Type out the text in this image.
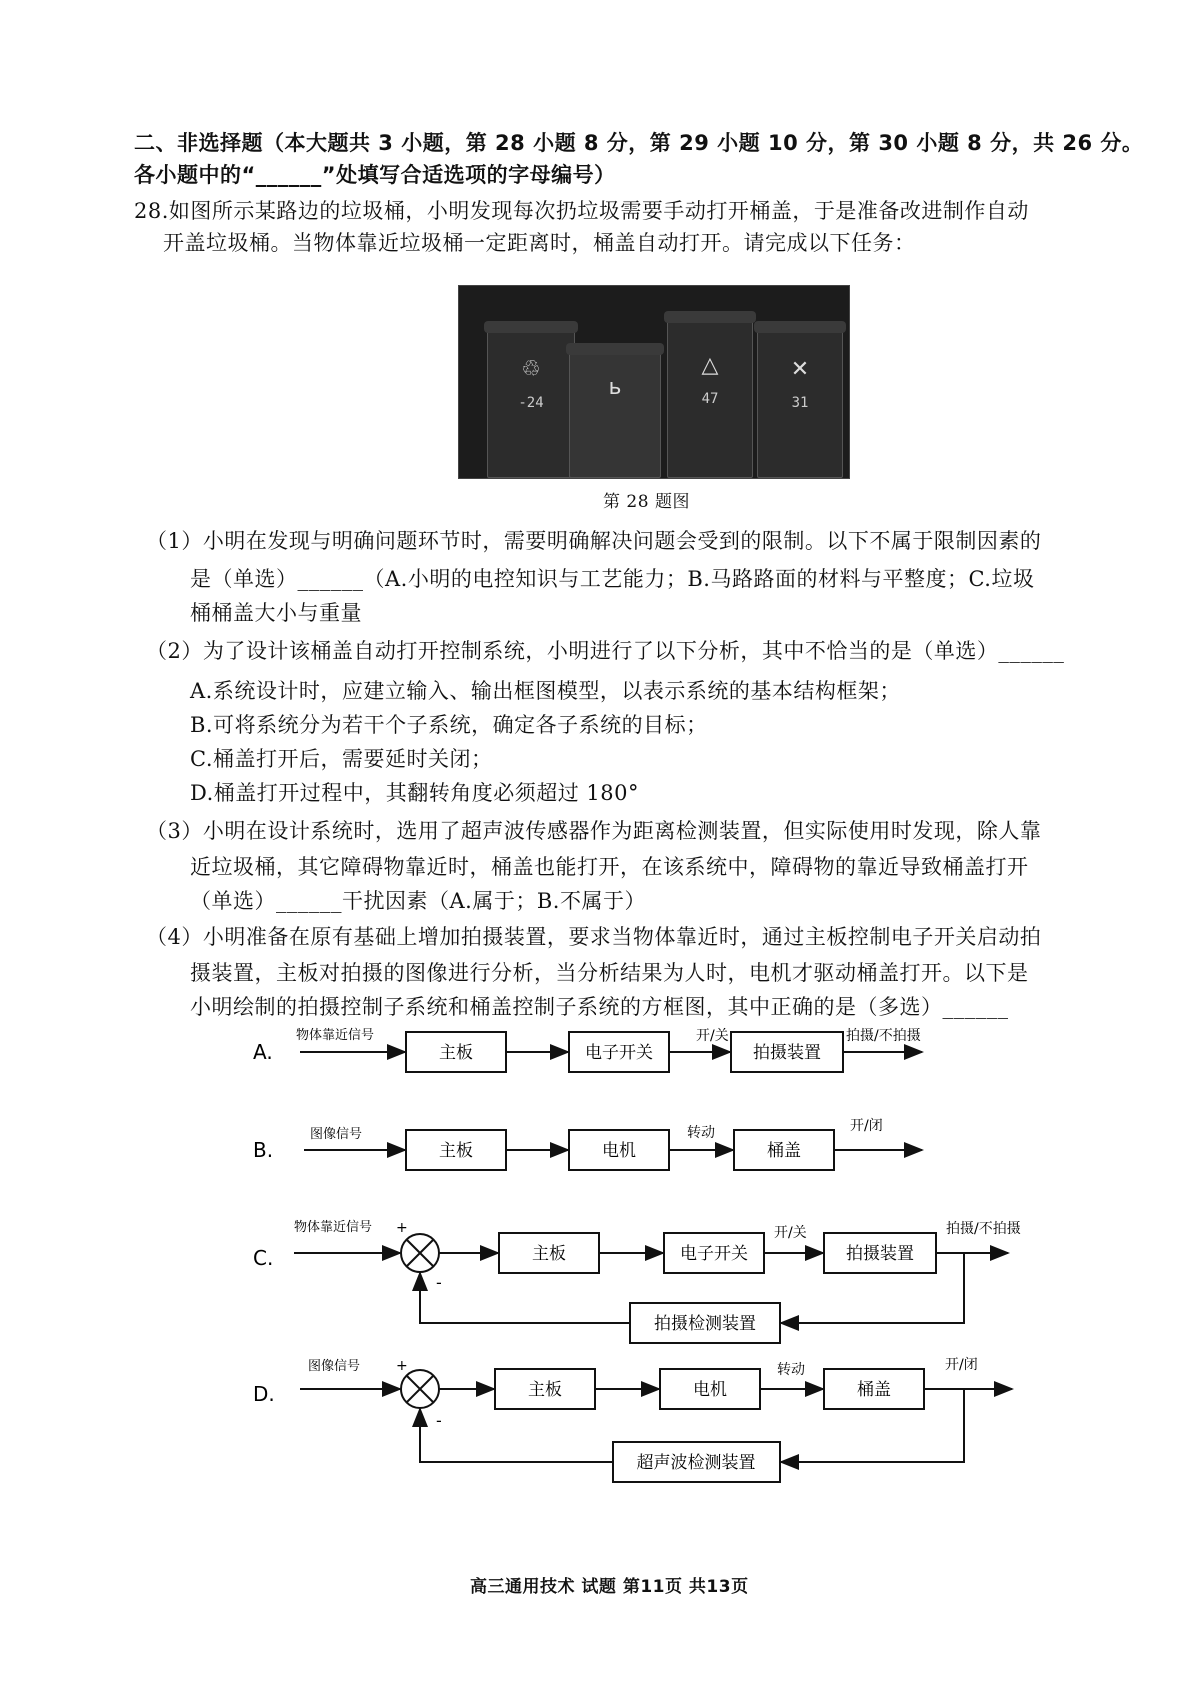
二、非选择题（本大题共 3 小题，第 28 小题 8 分，第 29 小题 10 分，第 30 小题 8 分，共 26 分。
各小题中的“______”处填写合适选项的字母编号）
28.如图所示某路边的垃圾桶，小明发现每次扔垃圾需要手动打开桶盖，于是准备改进制作自动
开盖垃圾桶。当物体靠近垃圾桶一定距离时，桶盖自动打开。请完成以下任务：
♲
-24
ь
△
47
✕
31
第 28 题图
（1）小明在发现与明确问题环节时，需要明确解决问题会受到的限制。以下不属于限制因素的
是（单选）______（A.小明的电控知识与工艺能力；B.马路路面的材料与平整度；C.垃圾
桶桶盖大小与重量
（2）为了设计该桶盖自动打开控制系统，小明进行了以下分析，其中不恰当的是（单选）______
A.系统设计时，应建立输入、输出框图模型，以表示系统的基本结构框架；
B.可将系统分为若干个子系统，确定各子系统的目标；
C.桶盖打开后，需要延时关闭；
D.桶盖打开过程中，其翻转角度必须超过 180°
（3）小明在设计系统时，选用了超声波传感器作为距离检测装置，但实际使用时发现，除人靠
近垃圾桶，其它障碍物靠近时，桶盖也能打开，在该系统中，障碍物的靠近导致桶盖打开
（单选）______干扰因素（A.属于；B.不属于）
（4）小明准备在原有基础上增加拍摄装置，要求当物体靠近时，通过主板控制电子开关启动拍
摄装置，主板对拍摄的图像进行分析，当分析结果为人时，电机才驱动桶盖打开。以下是
小明绘制的拍摄控制子系统和桶盖控制子系统的方框图，其中正确的是（多选）______
A.
物体靠近信号
主板	电子开关
开/关
拍摄装置
拍摄/不拍摄
B.
图像信号
主板	电机
转动
桶盖
开/闭
C.
物体靠近信号 +
-
主板	电子开关
开/关
拍摄装置
拍摄/不拍摄
拍摄检测装置
D.
图像信号	+
-
主板	电机
转动
桶盖
开/闭
超声波检测装置
高三通用技术 试题 第11页 共13页
